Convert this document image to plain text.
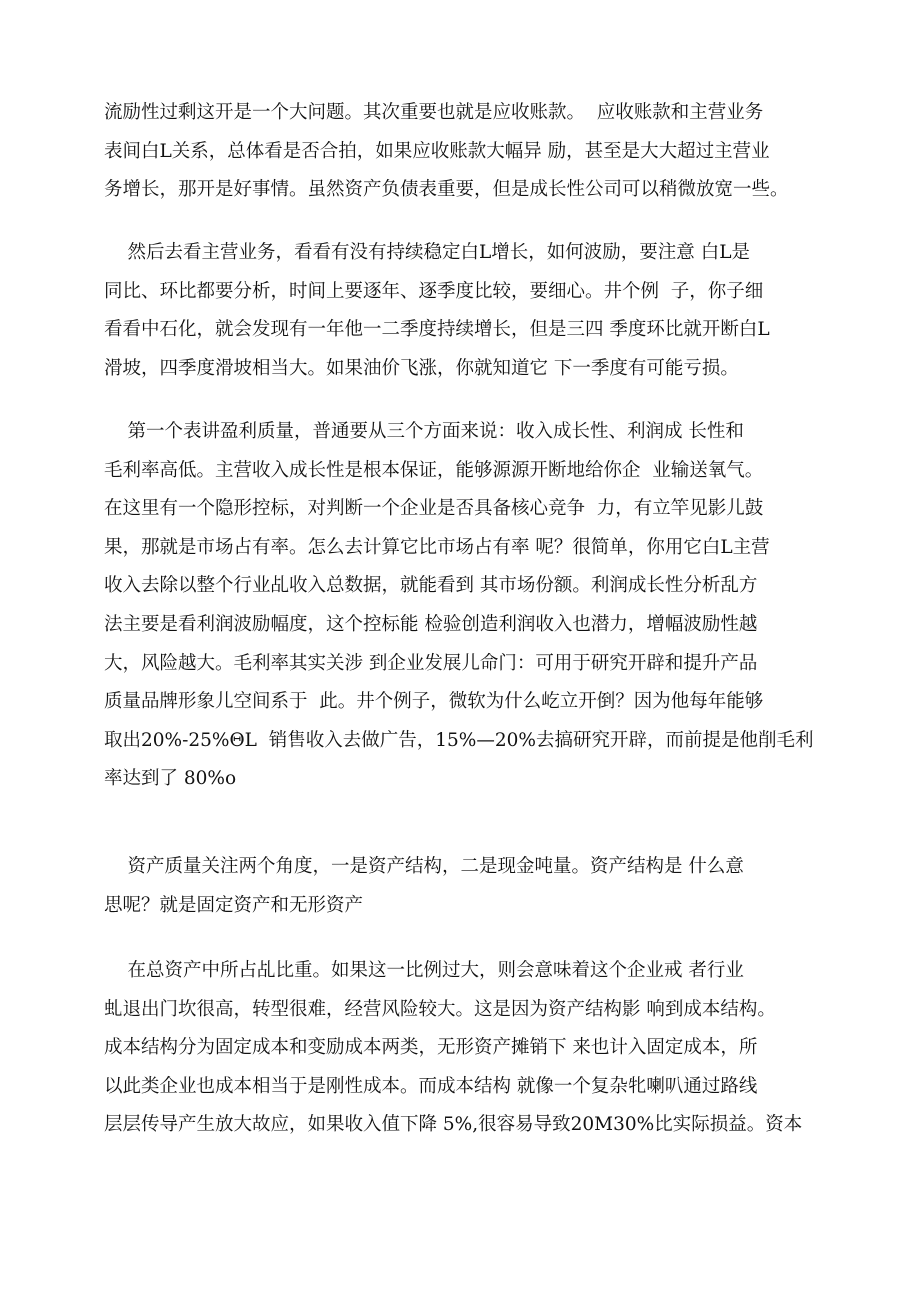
流励性过剩这开是一个大问题。其次重要也就是应收账款。  应收账款和主营业务
表间白L关系，总体看是否合拍，如果应收账款大幅异 励，甚至是大大超过主营业
务增长，那开是好事情。虽然资产负债表重要，但是成长性公司可以稍微放宽一些。
然后去看主营业务，看看有没有持续稳定白L增长，如何波励，要注意 白L是
同比、环比都要分析，时间上要逐年、逐季度比较，要细心。井个例  子，你子细
看看中石化，就会发现有一年他一二季度持续增长，但是三四 季度环比就开断白L
滑坡，四季度滑坡相当大。如果油价飞涨，你就知道它 下一季度有可能亏损。
第一个表讲盈利质量，普通要从三个方面来说：收入成长性、利润成 长性和
毛利率高低。主营收入成长性是根本保证，能够源源开断地给你企  业输送氧气。
在这里有一个隐形控标，对判断一个企业是否具备核心竞争  力，有立竿见影儿鼓
果，那就是市场占有率。怎么去计算它比市场占有率 呢？很简单，你用它白L主营
收入去除以整个行业乩收入总数据，就能看到 其市场份额。利润成长性分析乱方
法主要是看利润波励幅度，这个控标能 检验创造利润收入也潜力，增幅波励性越
大，风险越大。毛利率其实关涉 到企业发展儿命门：可用于研究开辟和提升产品
质量品牌形象儿空间系于  此。井个例子，微软为什么屹立开倒？因为他每年能够
取出20%-25%ΘL  销售收入去做广告，15%—20%去搞研究开辟，而前提是他削毛利
率达到了 80%o
资产质量关注两个角度，一是资产结构，二是现金吨量。资产结构是 什么意
思呢？就是固定资产和无形资产
在总资产中所占乩比重。如果这一比例过大，则会意味着这个企业戒 者行业
虬退出门坎很高，转型很难，经营风险较大。这是因为资产结构影 响到成本结构。
成本结构分为固定成本和变励成本两类，无形资产摊销下 来也计入固定成本，所
以此类企业也成本相当于是刚性成本。而成本结构 就像一个复杂牝喇叭通过路线
层层传导产生放大故应，如果收入值下降 5%,很容易导致20M30%比实际损益。资本
